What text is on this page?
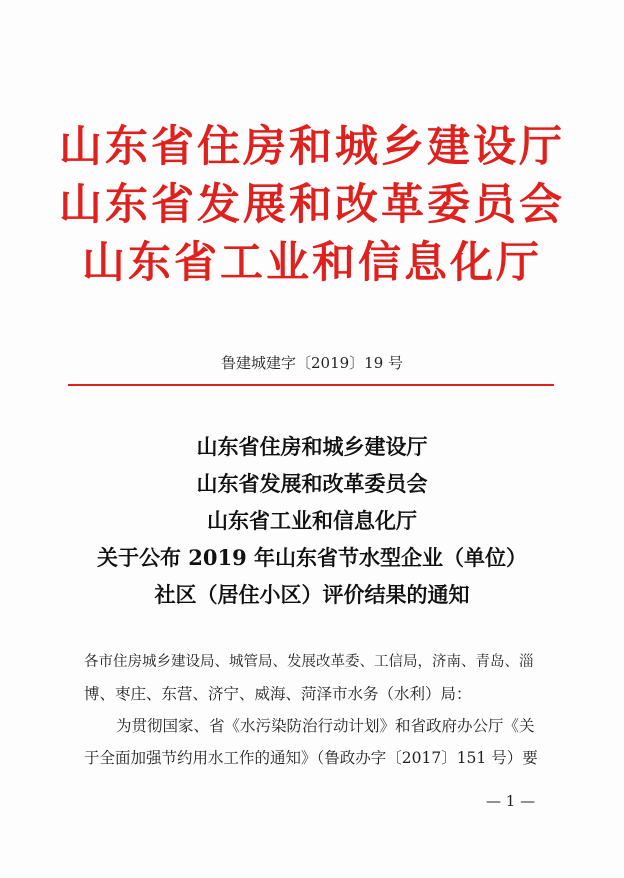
山东省住房和城乡建设厅
山东省发展和改革委员会
山东省工业和信息化厅
鲁建城建字〔2019〕19 号
山东省住房和城乡建设厅
山东省发展和改革委员会
山东省工业和信息化厅
关于公布 2019 年山东省节水型企业（单位）
社区（居住小区）评价结果的通知
各市住房城乡建设局、城管局、发展改革委、工信局，济南、青岛、淄
博、枣庄、东营、济宁、威海、菏泽市水务（水利）局：
为贯彻国家、省《水污染防治行动计划》和省政府办公厅《关
于全面加强节约用水工作的通知》（鲁政办字〔2017〕151 号）要
— 1 —
